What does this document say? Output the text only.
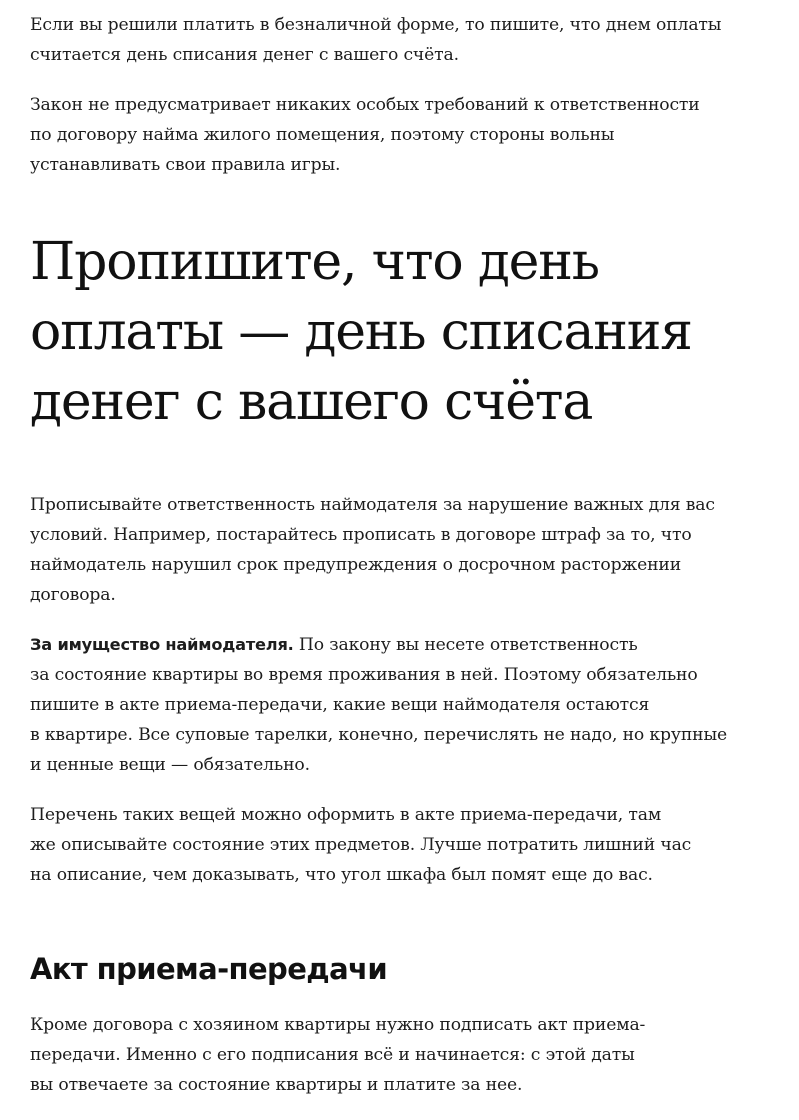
Если вы решили платить в безналичной форме, то пишите, что днем оплаты
считается день списания денег с вашего счёта.

Закон не предусматривает никаких особых требований к ответственности
по договору найма жилого помещения, поэтому стороны вольны
устанавливать свои правила игры.

Пропишите, что день
оплаты — день списания
денег с вашего счёта

Прописывайте ответственность наймодателя за нарушение важных для вас
условий. Например, постарайтесь прописать в договоре штраф за то, что
наймодатель нарушил срок предупреждения о досрочном расторжении
договора.

За имущество наймодателя. По закону вы несете ответственность
за состояние квартиры во время проживания в ней. Поэтому обязательно
пишите в акте приема-передачи, какие вещи наймодателя остаются
в квартире. Все суповые тарелки, конечно, перечислять не надо, но крупные
и ценные вещи — обязательно.

Перечень таких вещей можно оформить в акте приема-передачи, там
же описывайте состояние этих предметов. Лучше потратить лишний час
на описание, чем доказывать, что угол шкафа был помят еще до вас.

Акт приема-передачи

Кроме договора с хозяином квартиры нужно подписать акт приема-
передачи. Именно с его подписания всё и начинается: с этой даты
вы отвечаете за состояние квартиры и платите за нее.
